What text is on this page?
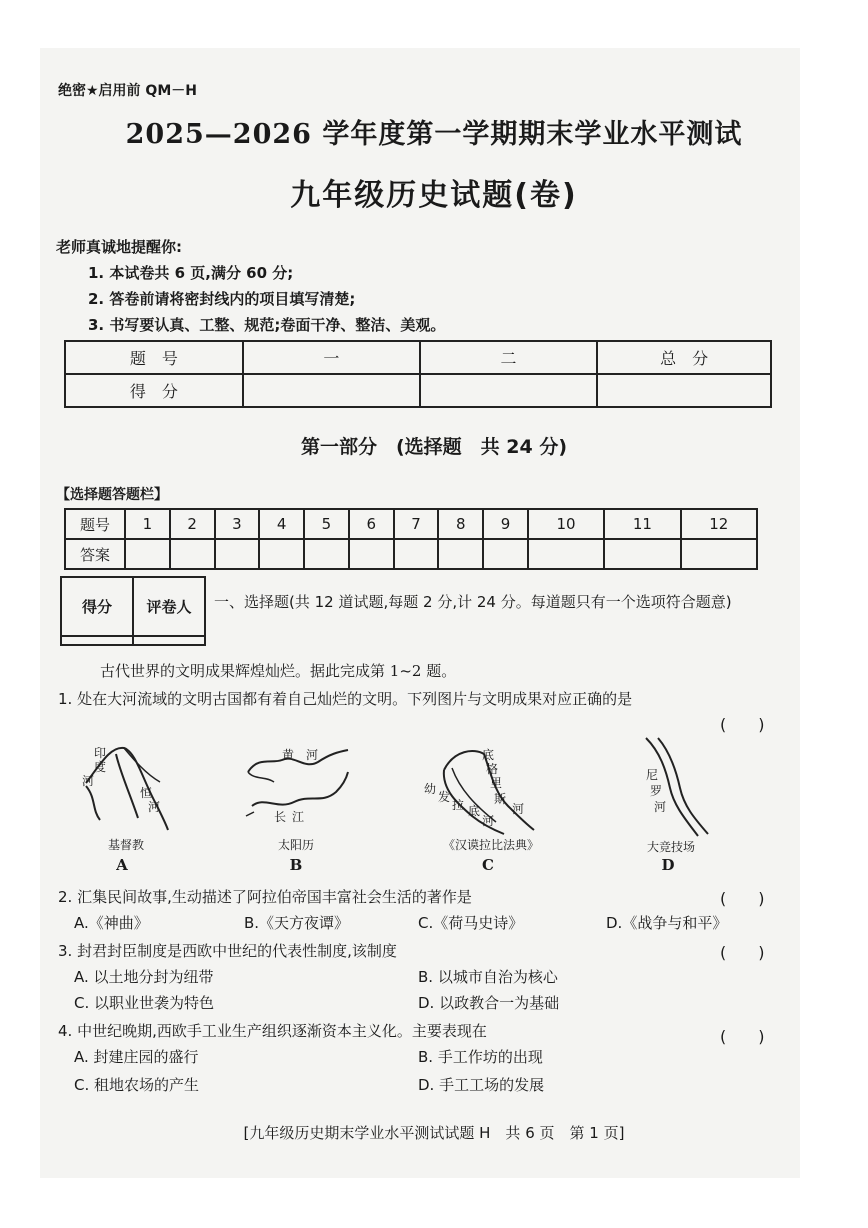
绝密★启用前 QM－H
2025—2026 学年度第一学期期末学业水平测试
九年级历史试题(卷)
老师真诚地提醒你:
1. 本试卷共 6 页,满分 60 分;
2. 答卷前请将密封线内的项目填写清楚;
3. 书写要认真、工整、规范;卷面干净、整洁、美观。
题　号	一	二	总　分
得　分			
第一部分　(选择题　共 24 分)
【选择题答题栏】
题号	1	2	3	4	5	6	7	8	9	10	11	12
答案												
得分	评卷人
	一、选择题(共 12 道试题,每题 2 分,计 24 分。每道题只有一个选项符合题意)
古代世界的文明成果辉煌灿烂。据此完成第 1~2 题。
1. 处在大河流域的文明古国都有着自己灿烂的文明。下列图片与文明成果对应正确的是
(　　)
印
度
河
恒
河
基督教
A
黄 河
长 江
太阳历
B
底
格
里
斯
河
幼
发
拉 底
河
《汉谟拉比法典》
C
尼
罗
河
大竞技场
D
2. 汇集民间故事,生动描述了阿拉伯帝国丰富社会生活的著作是	(　　)
A.《神曲》	B.《天方夜谭》	C.《荷马史诗》	D.《战争与和平》
3. 封君封臣制度是西欧中世纪的代表性制度,该制度	(　　)
A. 以土地分封为纽带	B. 以城市自治为核心
C. 以职业世袭为特色	D. 以政教合一为基础
4. 中世纪晚期,西欧手工业生产组织逐渐资本主义化。主要表现在	(　　)
A. 封建庄园的盛行	B. 手工作坊的出现
C. 租地农场的产生	D. 手工工场的发展
[九年级历史期末学业水平测试试题 H　共 6 页　第 1 页]
